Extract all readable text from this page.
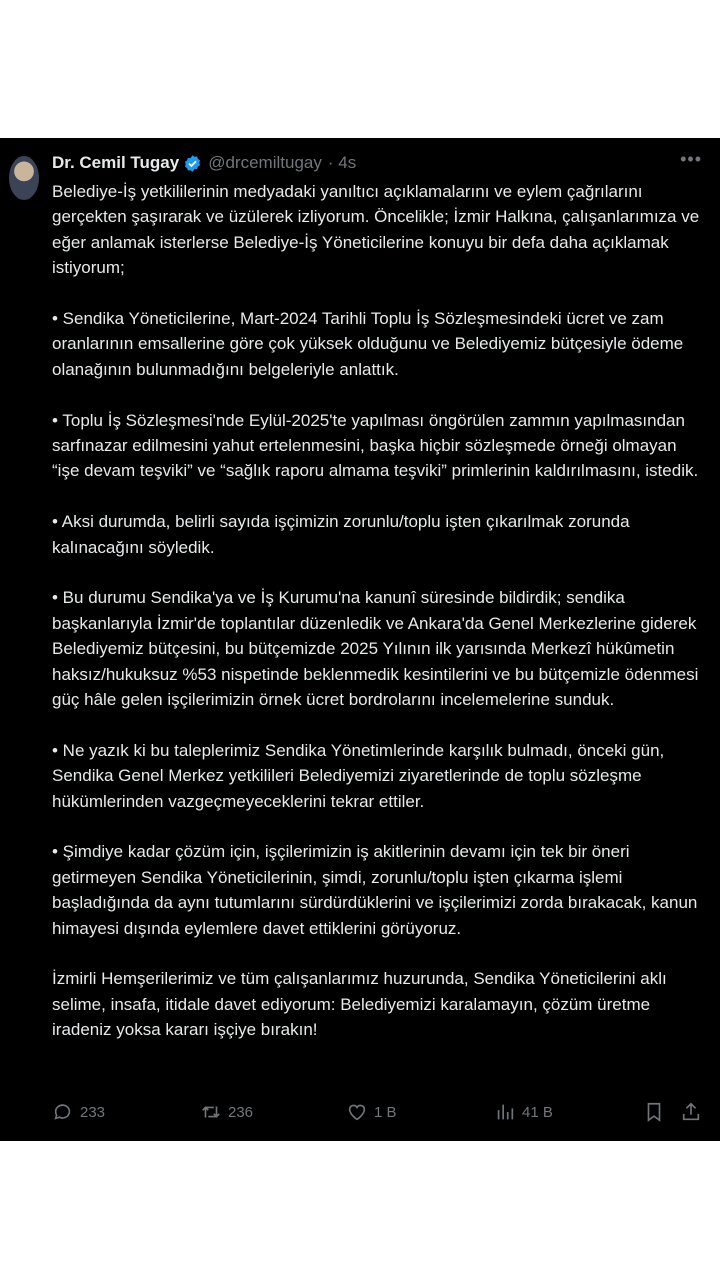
Dr. Cemil Tugay @drcemiltugay · 4s	•••

Belediye-İş yetkililerinin medyadaki yanıltıcı açıklamalarını ve eylem çağrılarını gerçekten şaşırarak ve üzülerek izliyorum. Öncelikle; İzmir Halkına, çalışanlarımıza ve eğer anlamak isterlerse Belediye-İş Yöneticilerine konuyu bir defa daha açıklamak istiyorum;

• Sendika Yöneticilerine, Mart-2024 Tarihli Toplu İş Sözleşmesindeki ücret ve zam oranlarının emsallerine göre çok yüksek olduğunu ve Belediyemiz bütçesiyle ödeme olanağının bulunmadığını belgeleriyle anlattık.

• Toplu İş Sözleşmesi'nde Eylül-2025'te yapılması öngörülen zammın yapılmasından sarfınazar edilmesini yahut ertelenmesini, başka hiçbir sözleşmede örneği olmayan “işe devam teşviki” ve “sağlık raporu almama teşviki” primlerinin kaldırılmasını, istedik.

• Aksi durumda, belirli sayıda işçimizin zorunlu/toplu işten çıkarılmak zorunda kalınacağını söyledik.

• Bu durumu Sendika'ya ve İş Kurumu'na kanunî süresinde bildirdik; sendika başkanlarıyla İzmir'de toplantılar düzenledik ve Ankara'da Genel Merkezlerine giderek Belediyemiz bütçesini, bu bütçemizde 2025 Yılının ilk yarısında Merkezî hükûmetin haksız/hukuksuz %53 nispetinde beklenmedik kesintilerini ve bu bütçemizle ödenmesi güç hâle gelen işçilerimizin örnek ücret bordrolarını incelemelerine sunduk.

• Ne yazık ki bu taleplerimiz Sendika Yönetimlerinde karşılık bulmadı, önceki gün, Sendika Genel Merkez yetkilileri Belediyemizi ziyaretlerinde de toplu sözleşme hükümlerinden vazgeçmeyeceklerini tekrar ettiler.

• Şimdiye kadar çözüm için, işçilerimizin iş akitlerinin devamı için tek bir öneri getirmeyen Sendika Yöneticilerinin, şimdi, zorunlu/toplu işten çıkarma işlemi başladığında da aynı tutumlarını sürdürdüklerini ve işçilerimizi zorda bırakacak, kanun himayesi dışında eylemlere davet ettiklerini görüyoruz.

İzmirli Hemşerilerimiz ve tüm çalışanlarımız huzurunda, Sendika Yöneticilerini aklı selime, insafa, itidale davet ediyorum: Belediyemizi karalamayın, çözüm üretme iradeniz yoksa kararı işçiye bırakın!

233	236	1 B	41 B
